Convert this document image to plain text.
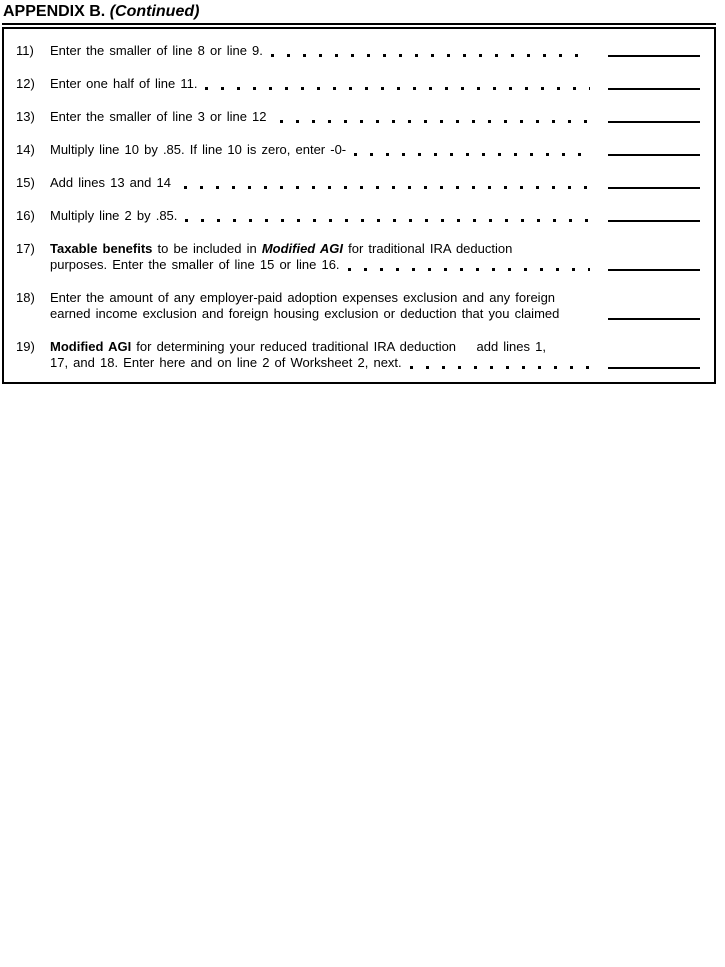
APPENDIX B. (Continued)
11)	Enter the smaller of line 8 or line 9.
12)	Enter one half of line 11.
13)	Enter the smaller of line 3 or line 12
14)	Multiply line 10 by .85. If line 10 is zero, enter -0-
15)	Add lines 13 and 14
16)	Multiply line 2 by .85.
17)	Taxable benefits to be included in Modified AGI for traditional IRA deduction
purposes. Enter the smaller of line 15 or line 16.
18)	Enter the amount of any employer-paid adoption expenses exclusion and any foreign
earned income exclusion and foreign housing exclusion or deduction that you claimed
19)	Modified AGI for determining your reduced traditional IRA deduction    add lines 1,
17, and 18. Enter here and on line 2 of Worksheet 2, next.
